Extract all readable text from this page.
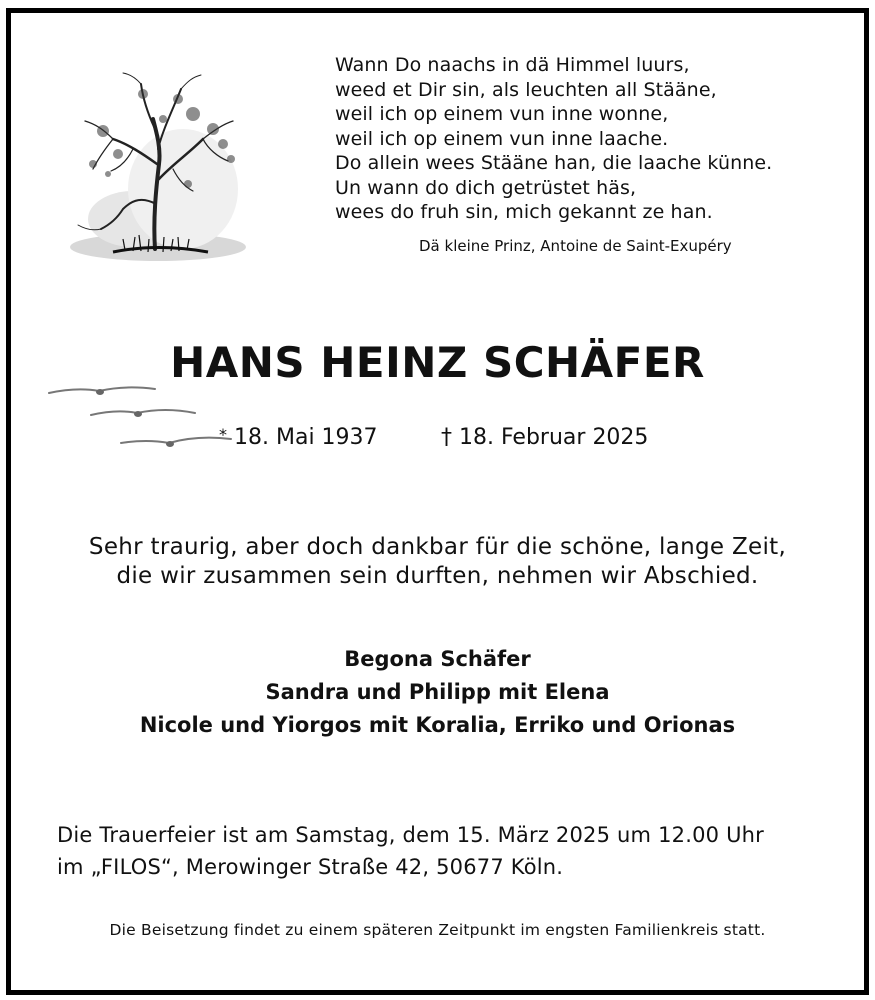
Wann Do naachs in dä Himmel luurs,
weed et Dir sin, als leuchten all Stääne,
weil ich op einem vun inne wonne,
weil ich op einem vun inne laache.
Do allein wees Stääne han, die laache künne.
Un wann do dich getrüstet häs,
wees do fruh sin, mich gekannt ze han.
Dä kleine Prinz, Antoine de Saint-Exupéry
HANS HEINZ SCHÄFER
* 18. Mai 1937	† 18. Februar 2025
Sehr traurig, aber doch dankbar für die schöne, lange Zeit,
die wir zusammen sein durften, nehmen wir Abschied.
Begona Schäfer
Sandra und Philipp mit Elena
Nicole und Yiorgos mit Koralia, Erriko und Orionas
Die Trauerfeier ist am Samstag, dem 15. März 2025 um 12.00 Uhr
im „FILOS“, Merowinger Straße 42, 50677 Köln.
Die Beisetzung findet zu einem späteren Zeitpunkt im engsten Familienkreis statt.
